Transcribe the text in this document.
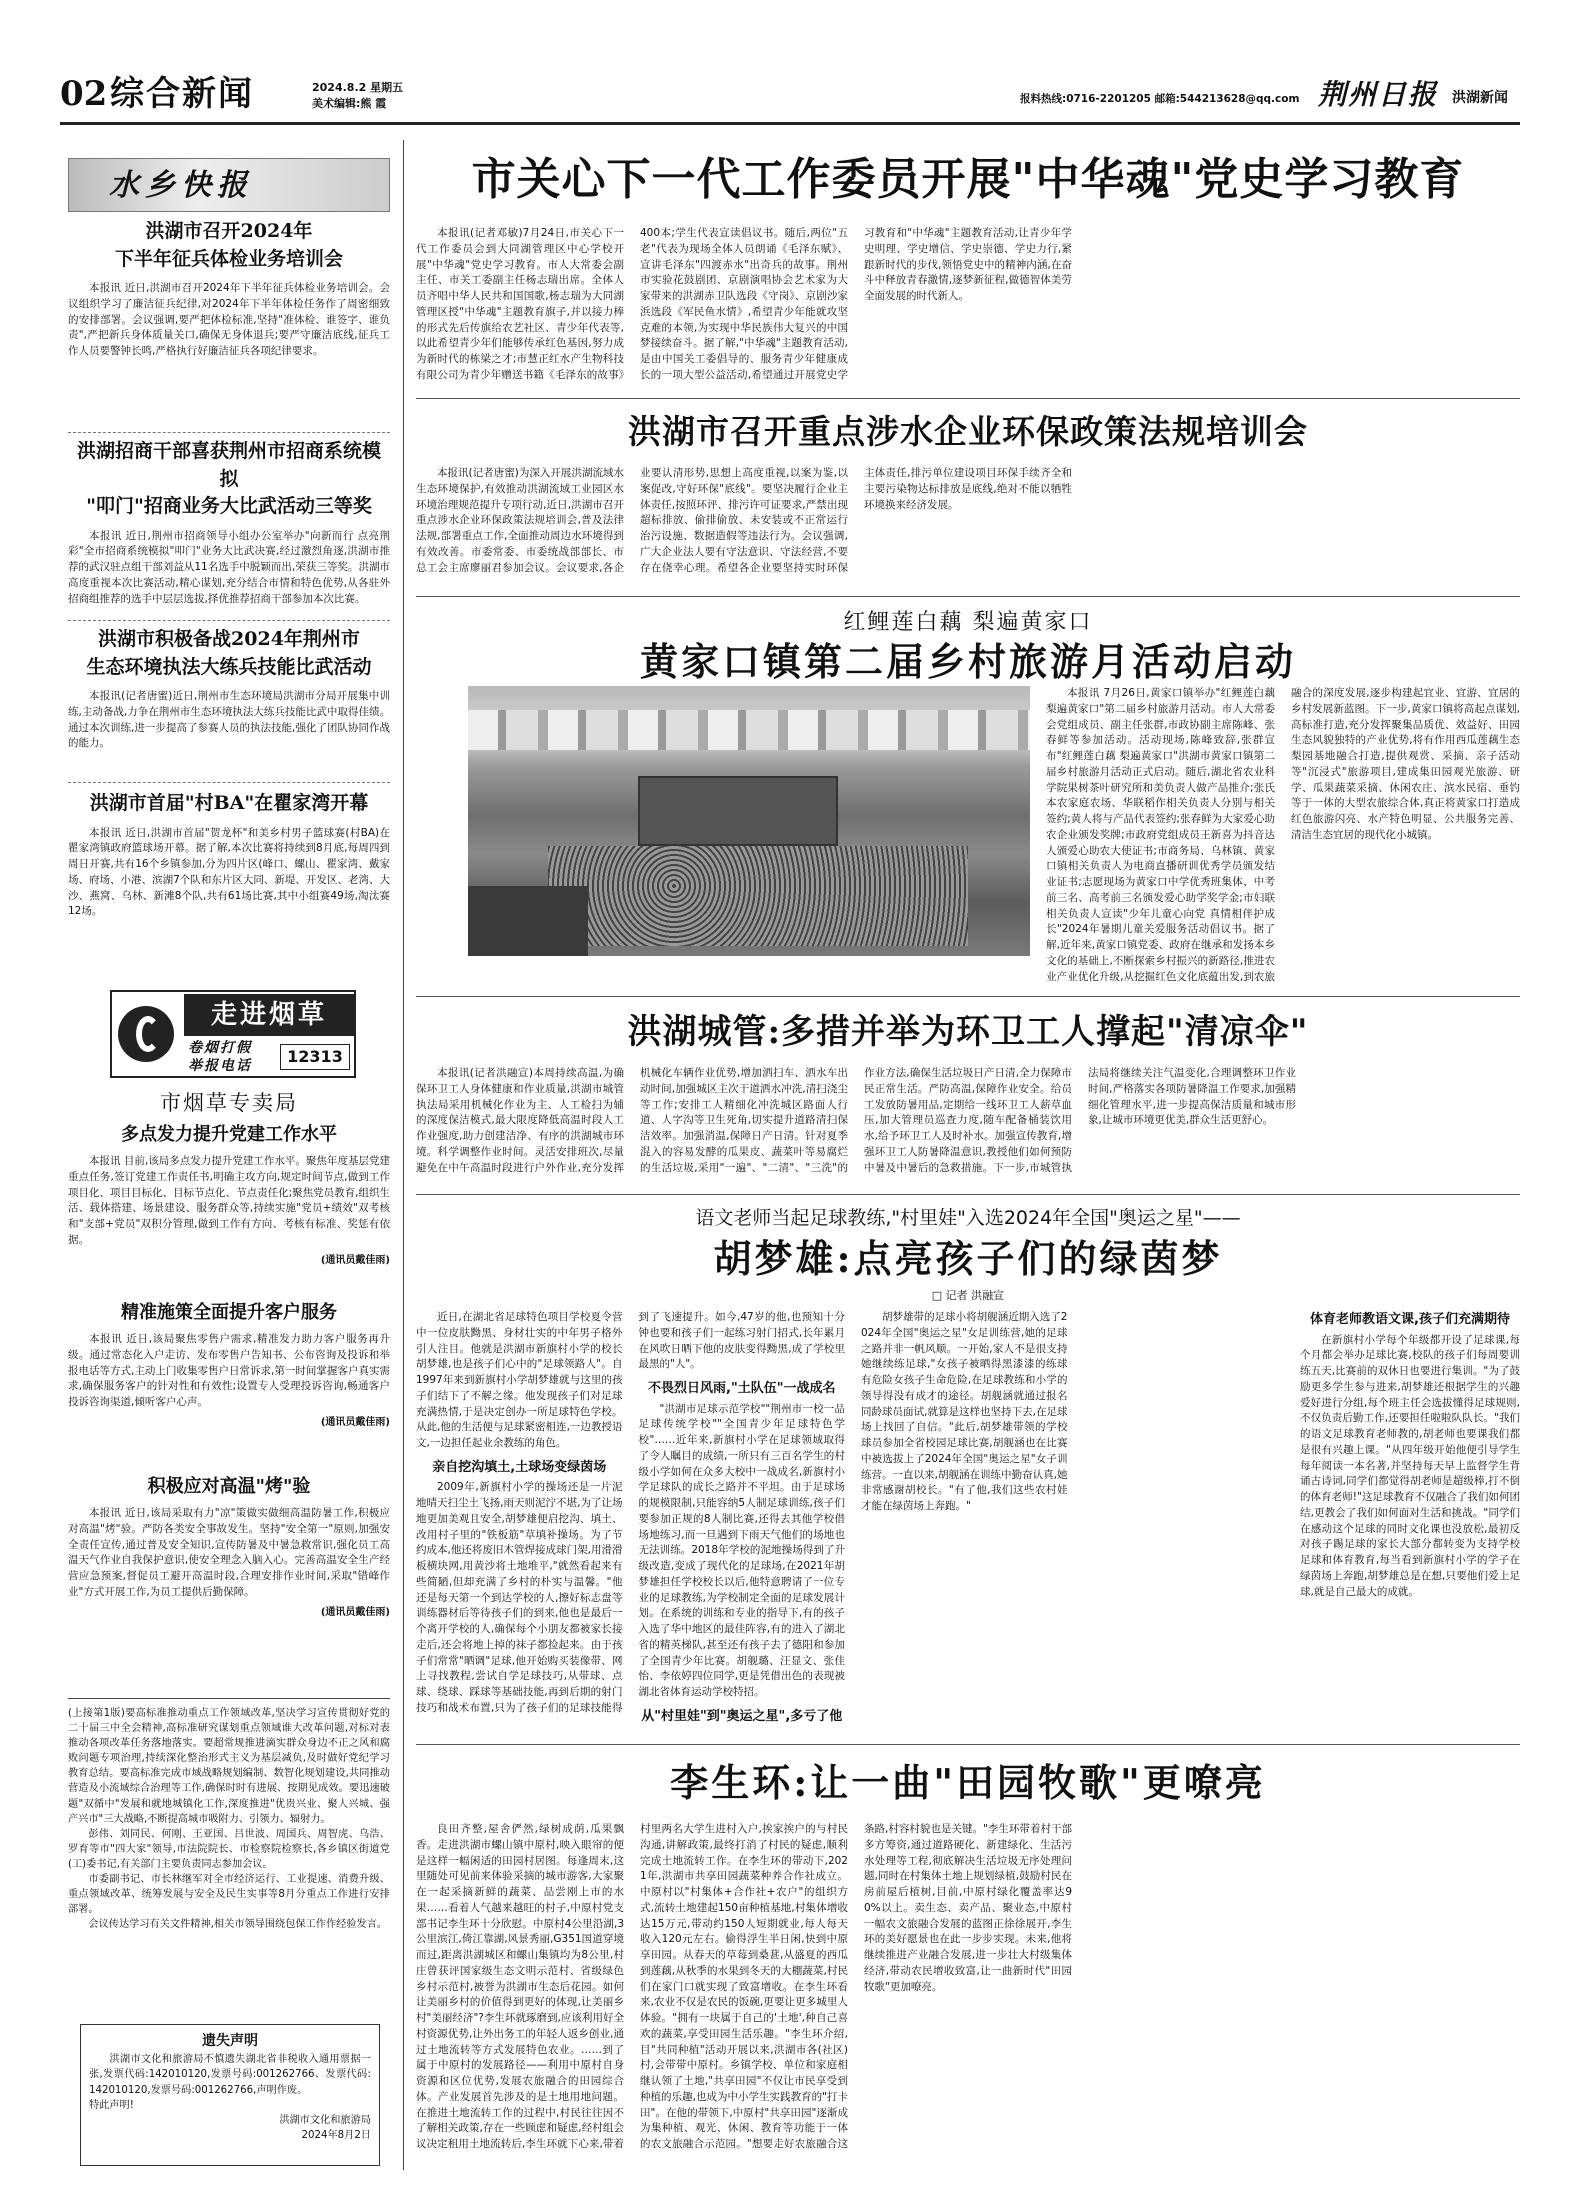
02 综合新闻	2024.8.2 星期五
美术编辑:熊 霞	报料热线:0716-2201205 邮箱:544213628@qq.com 荆州日报 洪湖新闻
水乡快报
洪湖市召开2024年
下半年征兵体检业务培训会

本报讯 近日,洪湖市召开2024年下半年征兵体检业务培训会。会议组织学习了廉洁征兵纪律,对2024年下半年体检任务作了周密细致的安排部署。会议强调,要严把体检标准,坚持"准体检、谁签字、谁负责",严把新兵身体质量关口,确保无身体退兵;要严守廉洁底线,征兵工作人员要警钟长鸣,严格执行好廉洁征兵各项纪律要求。

洪湖招商干部喜获荆州市招商系统模拟
"叩门"招商业务大比武活动三等奖

本报讯 近日,荆州市招商领导小组办公室举办"向新而行 点亮荆彩"全市招商系统模拟"叩门"业务大比武决赛,经过激烈角逐,洪湖市推荐的武汉驻点组干部刘益从11名选手中脱颖而出,荣获三等奖。洪湖市高度重视本次比赛活动,精心谋划,充分结合市情和特色优势,从各驻外招商组推荐的选手中层层选拔,择优推荐招商干部参加本次比赛。

洪湖市积极备战2024年荆州市
生态环境执法大练兵技能比武活动

本报讯(记者唐蜜)近日,荆州市生态环境局洪湖市分局开展集中训练,主动备战,力争在荆州市生态环境执法大练兵技能比武中取得佳绩。通过本次训练,进一步提高了参赛人员的执法技能,强化了团队协同作战的能力。

洪湖市首届"村BA"在瞿家湾开幕

本报讯 近日,洪湖市首届"贺龙杯"和美乡村男子篮球赛(村BA)在瞿家湾镇政府篮球场开幕。据了解,本次比赛将持续到8月底,每周四到周日开赛,共有16个乡镇参加,分为四片区(峰口、螺山、瞿家湾、戴家场、府场、小港、滨湖7个队和东片区大同、新堤、开发区、老湾、大沙、燕窝、乌林、新滩8个队,共有61场比赛,其中小组赛49场,淘汰赛12场。

走进烟草
卷烟打假
举报电话	12313
市烟草专卖局
多点发力提升党建工作水平

本报讯 目前,该局多点发力提升党建工作水平。聚焦年度基层党建重点任务,签订党建工作责任书,明确主攻方向,规定时间节点,做到工作项目化、项目目标化、目标节点化、节点责任化;聚焦党员教育,组织生活、载体搭建、场景建设、服务群众等,持续实施"党员+绩效"双考核和"支部+党员"双积分管理,做到工作有方向、考核有标准、奖惩有依据。

(通讯员戴佳雨)
精准施策全面提升客户服务

本报讯 近日,该局聚焦零售户需求,精准发力助力客户服务再升级。通过常态化入户走访、发布零售户告知书、公布咨询及投诉和举报电话等方式,主动上门收集零售户日常诉求,第一时间掌握客户真实需求,确保服务客户的针对性和有效性;设置专人受理投诉咨询,畅通客户投诉咨询渠道,倾听客户心声。

(通讯员戴佳雨)
积极应对高温"烤"验

本报讯 近日,该局采取有力"凉"策做实做细高温防暑工作,积极应对高温"烤"验。严防各类安全事故发生。坚持"安全第一"原则,加强安全责任宣传,通过普及安全知识,宣传防暑及中暑急救常识,强化员工高温天气作业自我保护意识,使安全理念入脑入心。完善高温安全生产经营应急预案,督促员工避开高温时段,合理安排作业时间,采取"错峰作业"方式开展工作,为员工提供后勤保障。

(通讯员戴佳雨)

(上接第1版)要高标准推动重点工作领域改革,坚决学习宣传贯彻好党的二十届三中全会精神,高标准研究谋划重点领域谁大改革问题,对标对表推动各项改革任务落地落实。要超常规推进滴实群众身边不正之风和腐败问题专项治理,持续深化整治形式主义为基层减负,及时做好党纪学习教育总结。要高标准完成市域战略规划编制、数智化规划建设,共同推动营造及小流域综合治理等工作,确保时时有进展、按期见成效。要迅速破题"双循中"发展和就地城镇化工作,深度推进"优贵兴业、聚人兴城、强产兴市"三大战略,不断提高城市吸附力、引领力、辐射力。

彭伟、刘同民、何刚、王亚国、吕世波、周国兵、周智虎、乌浩、罗育等市"四大家"领导,市法院院长、市检察院检察长,各乡镇区街道党(工)委书记,有关部门主要负责同志参加会议。

市委副书记、市长林继军对全市经济运行、工业提速、消费升级、重点领域改革、统筹发展与安全及民生实事等8月分重点工作进行安排部署。

会议传达学习有关文件精神,相关市领导围绕包保工作作经验发言。

遗失声明

洪湖市文化和旅游局不慎遗失湖北省非税收入通用票据一张,发票代码:142010120,发票号码:001262766、发票代码:142010120,发票号码:001262766,声明作废。
特此声明!

洪湖市文化和旅游局
2024年8月2日
市关心下一代工作委员开展"中华魂"党史学习教育

本报讯(记者邓敏)7月24日,市关心下一代工作委员会到大同湖管理区中心学校开展"中华魂"党史学习教育。市人大常委会副主任、市关工委副主任杨志瑞出席。全体人员齐唱中华人民共和国国歌,杨志瑞为大同湖管理区授"中华魂"主题教育旗子,并以接力棒的形式先后传旗给农艺社区、青少年代表等,以此希望青少年们能够传承红色基因,努力成为新时代的栋梁之才;市慧正红水产生物科技有限公司为青少年赠送书籍《毛泽东的故事》400本;学生代表宣读倡议书。随后,两位"五老"代表为现场全体人员朗诵《毛泽东赋》、宣讲毛泽东"四渡赤水"出奇兵的故事。荆州市实验花鼓剧团、京剧演唱协会艺术家为大家带来的洪湖赤卫队选段《守岗》、京剧沙家浜选段《军民鱼水情》,希望青少年能就攻坚克难的本领,为实现中华民族伟大复兴的中国梦接续奋斗。据了解,"中华魂"主题教育活动,是由中国关工委倡导的、服务青少年健康成长的一项大型公益活动,希望通过开展党史学习教育和"中华魂"主题教育活动,让青少年学史明理、学史增信、学史崇德、学史力行,紧跟新时代的步伐,领悟党史中的精神内涵,在奋斗中释放青春激情,逐梦新征程,做德智体美劳全面发展的时代新人。

洪湖市召开重点涉水企业环保政策法规培训会

本报讯(记者唐蜜)为深入开展洪湖流域水生态环境保护,有效推动洪湖流域工业园区水环境治理规范提升专项行动,近日,洪湖市召开重点涉水企业环保政策法规培训会,普及法律法规,部署重点工作,全面推动周边水环境得到有效改善。市委常委、市委统战部部长、市总工会主席廖丽君参加会议。会议要求,各企业要认清形势,思想上高度重视,以案为鉴,以案促改,守好环保"底线"。要坚决履行企业主体责任,按照环评、排污许可证要求,严禁出现超标排放、偷排偷放、未安装或不正常运行治污设施、数据造假等违法行为。会议强调,广大企业法人要有守法意识、守法经营,不要存在侥幸心理。希望各企业要坚持实时环保主体责任,排污单位建设项目环保手续齐全和主要污染物达标排放是底线,绝对不能以牺牲环境换来经济发展。

红鲤莲白藕 梨遍黄家口
黄家口镇第二届乡村旅游月活动启动

本报讯 7月26日,黄家口镇举办"红鲤莲白藕 梨遍黄家口"第二届乡村旅游月活动。市人大常委会党组成员、副主任张群,市政协副主席陈峰、张春鲜等参加活动。活动现场,陈峰致辞,张群宣布"红鲤莲白藕 梨遍黄家口"洪湖市黄家口镇第二届乡村旅游月活动正式启动。随后,湖北省农业科学院果树茶叶研究所和美负责人做产品推介;张氏本农家庭农场、华联稻作相关负责人分别与相关签约;黄人将与产品代表签约;张春鲜为大家爱心助农企业颁发奖牌;市政府党组成员王新喜为抖音达人颁爱心助农大使证书;市商务局、乌林镇、黄家口镇相关负责人为电商直播研训优秀学员颁发结业证书;志愿现场为黄家口中学优秀班集体、中考前三名、高考前三名颁发爱心助学奖学金;市妇联相关负责人宣读"少年儿童心向党 真情相伴护成长"2024年暑期儿童关爱服务活动倡议书。据了解,近年来,黄家口镇党委、政府在继承和发扬本乡文化的基础上,不断探索乡村振兴的新路径,推进农业产业优化升级,从挖掘红色文化底蕴出发,到农旅融合的深度发展,逐步构建起宜业、宜游、宜居的乡村发展新蓝图。下一步,黄家口镇将高起点谋划,高标准打造,充分发挥聚集品质优、效益好、田园生态风貌独特的产业优势,将有作用西瓜莲藕生态梨园基地融合打造,提供观赏、采摘、亲子活动等"沉浸式"旅游项目,建成集田园观光旅游、研学、瓜果蔬菜采摘、休闲农庄、滨水民宿、垂钓等于一体的大型农旅综合体,真正将黄家口打造成红色旅游闪亮、水产特色明显、公共服务完善、清洁生态宜居的现代化小城镇。

洪湖城管:多措并举为环卫工人撑起"清凉伞"

本报讯(记者洪融宣)本周持续高温,为确保环卫工人身体健康和作业质量,洪湖市城管执法局采用机械化作业为主、人工检扫为辅的深度保洁模式,最大限度降低高温时段人工作业强度,助力创建洁净、有序的洪湖城市环境。科学调整作业时间。灵活安排班次,尽量避免在中午高温时段进行户外作业,充分发挥机械化车辆作业优势,增加洒扫车、洒水车出动时间,加强城区主次干道洒水冲洗,清扫浇尘等工作;安排工人精细化冲洗城区路面人行道、人字沟等卫生死角,切实提升道路清扫保洁效率。加强消温,保障日产日清。针对夏季混入的容易发酵的瓜果皮、蔬菜叶等易腐烂的生活垃圾,采用"一遍"、"二清"、"三洗"的作业方法,确保生活垃圾日产日清,全力保障市民正常生活。严防高温,保障作业安全。给员工发放防暑用品,定期给一线环卫工人薪草血压,加大管理员巡查力度,随车配备桶装饮用水,给予环卫工人及时补水。加强宣传教育,增强环卫工人防暑降温意识,教授他们如何预防中暑及中暑后的急救措施。下一步,市城管执法局将继续关注气温变化,合理调整环卫作业时间,严格落实各项防暑降温工作要求,加强精细化管理水平,进一步提高保洁质量和城市形象,让城市环境更优美,群众生活更舒心。

语文老师当起足球教练,"村里娃"入选2024年全国"奥运之星"——
胡梦雄:点亮孩子们的绿茵梦
□ 记者 洪融宣

近日,在湖北省足球特色项目学校夏令营中一位皮肤黝黑、身材壮实的中年男子格外引人注目。他就是洪湖市新旗村小学的校长胡梦雄,也是孩子们心中的"足球领路人"。自1997年来到新旗村小学胡梦雄就与这里的孩子们结下了不解之缘。他发现孩子们对足球充满热情,于是决定创办一所足球特色学校。从此,他的生活便与足球紧密相连,一边教授语文,一边担任起业余教练的角色。

亲自挖沟填土,土球场变绿茵场

2009年,新旗村小学的操场还是一片泥地晴天扫尘土飞扬,雨天则泥泞不堪,为了让场地更加美观且安全,胡梦雄便启挖沟、填土、改用村子里的"铁板筋"草填补操场。为了节约成本,他还将废旧木管焊接成球门架,用滑滑板横块网,用黄沙将土地堆平,"就然看起来有些简陋,但却充满了乡村的朴实与温馨。"他还是每天第一个到达学校的人,擦好标志盘等训练器材后等待孩子们的到来,他也是最后一个离开学校的人,确保每个小朋友都被家长接走后,还会将地上掉的袜子都捡起来。由于孩子们常常"晒调"足球,他开始购买装像带、网上寻找教程,尝试自学足球技巧,从带球、点球、绕球、踩球等基础技能,再到后期的射门技巧和战术布置,只为了孩子们的足球技能得到了飞速提升。如今,47岁的他,也预知十分钟也要和孩子们一起练习射门招式,长年累月在风吹日晒下他的皮肤变得黝黑,成了学校里最黑的"人"。

不畏烈日风雨,"土队伍"一战成名

"洪湖市足球示范学校""荆州市一校一品足球传统学校""全国青少年足球特色学校"……近年来,新旗村小学在足球领域取得了令人瞩目的成绩,一所只有三百名学生的村级小学如何在众多大校中一战成名,新旗村小学足球队的成长之路并不平坦。由于足球场的规模限制,只能容纳5人制足球训练,孩子们要参加正规的8人制比赛,还得去其他学校借场地练习,而一旦遇到下雨天气他们的场地也无法训练。2018年学校的泥地操场得到了升级改造,变成了现代化的足球场,在2021年胡梦雄担任学校校长以后,他特意聘请了一位专业的足球教练,为学校制定全面的足球发展计划。在系统的训练和专业的指导下,有的孩子入选了华中地区的最佳阵容,有的进入了湖北省的精英梯队,甚至还有孩子去了德阳和参加了全国青少年比赛。胡舰璐、汪显文、张佳怡、李依婷四位同学,更是凭借出色的表现被湖北省体育运动学校特招。

从"村里娃"到"奥运之星",多亏了他

胡梦雄带的足球小将胡舰涵近期入选了2024年全国"奥运之星"女足训练营,她的足球之路并非一帆风顺。一开始,家人不是很支持她继续练足球,"女孩子被晒得黑漆漆的练球有危险女孩子生命危险,在足球教练和小学的领导得没有成才的途径。胡舰涵就通过报名同龄球员面试,就算是这样也坚持下去,在足球场上找回了自信。"此后,胡梦雄带领的学校球员参加全省校园足球比赛,胡舰涵也在比赛中被选拔上了2024年全国"奥运之星"女子训练营。一直以来,胡舰涵在训练中勤奋认真,她非常感谢胡校长。"有了他,我们这些农村娃才能在绿茵场上奔跑。"

体育老师教语文课,孩子们充满期待

在新旗村小学每个年级都开设了足球课,每个月都会举办足球比赛,校队的孩子们每周要训练五天,比赛前的双休日也要进行集训。"为了鼓励更多学生参与进来,胡梦雄还根据学生的兴趣爱好进行分组,每个班主任会选拔懂得足球规则,不仅负责后勤工作,还要担任啦啦队队长。"我们的语文足球教育老师教的,胡老师也要课我们都是很有兴趣上课。"从四年级开始他便引导学生每年阅读一本名著,并坚持每天早上监督学生背诵古诗词,同学们都觉得胡老师是超级棒,打不倒的体育老师!"这足球教育不仅融合了我们如何团结,更教会了我们如何面对生活和挑战。"同学们在感动这个足球的同时文化课也没放松,最初反对孩子踢足球的家长大部分都转变为支持学校足球和体育教育,每当看到新旗村小学的学子在绿茵场上奔跑,胡梦雄总是在想,只要他们爱上足球,就是自己最大的成就。

李生环:让一曲"田园牧歌"更嘹亮

良田齐整,屋舍俨然,绿树成荫,瓜果飘香。走进洪湖市螺山镇中原村,映入眼帘的便是这样一幅闲适的田园村居图。每逢周末,这里随处可见前来体验采摘的城市游客,大家聚在一起采摘新鲜的蔬菜、品尝刚上市的水果……看着人气越来越旺的村子,中原村党支部书记李生环十分欣慰。中原村4公里沿湖,3公里滨江,倚江靠湖,风景秀丽,G351国道穿境而过,距离洪湖城区和螺山集镇均为8公里,村庄曾获评国家级生态文明示范村、省级绿色乡村示范村,被誉为洪湖市生态后花园。如何让美丽乡村的价值得到更好的体现,让美丽乡村"美丽经济"?李生环就琢磨到,应该利用好全村资源优势,让外出务工的年轻人返乡创业,通过土地流转等方式发展特色农业。……到了属于中原村的发展路径——利用中原村自身资源和区位优势,发展农旅融合的田园综合体。产业发展首先涉及的是土地用地问题。在推进土地流转工作的过程中,村民往往因不了解相关政策,存在一些顾虑和疑虑,经村组会议决定租用土地流转后,李生环就下心来,带着村里两名大学生进村入户,挨家挨户的与村民沟通,讲解政策,最终打消了村民的疑虑,顺利完成土地流转工作。在李生环的带动下,2021年,洪湖市共享田园蔬菜种养合作社成立。中原村以"村集体+合作社+农户"的组织方式,流转土地建起150亩种植基地,村集体增收达15万元,带动约150人短期就业,每人每天收入120元左右。偷得浮生半日闲,快到中原享田园。从春天的草莓到桑葚,从盛夏的西瓜到莲藕,从秋季的水果到冬天的大棚蔬菜,村民们在家门口就实现了致富增收。在李生环看来,农业不仅是农民的饭碗,更要让更多城里人体验。"拥有一块属于自己的'土地',种自己喜欢的蔬菜,享受田园生活乐趣。"李生环介绍,目"共同种植"活动开展以来,洪湖市各(社区)村,会带带中原村。乡镇学校、单位和家庭相继认领了土地,"共享田园"不仅让市民享受到种植的乐趣,也成为中小学生实践教育的"打卡田"。在他的带领下,中原村"共享田园"逐渐成为集种植、观光、休闲、教育等功能于一体的农文旅融合示范园。"想要走好农旅融合这条路,村容村貌也是关键。"李生环带着村干部多方筹资,通过道路硬化、新建绿化、生活污水处理等工程,彻底解决生活垃圾无序处理问题,同时在村集体土地上规划绿植,鼓励村民在房前屋后植树,目前,中原村绿化覆盖率达90%以上。卖生态、卖产品、聚业态,中原村一幅农文旅融合发展的蓝图正徐徐展开,李生环的美好愿景也在此一步步实现。未来,他将继续推进产业融合发展,进一步壮大村级集体经济,带动农民增收致富,让一曲新时代"田园牧歌"更加嘹亮。
